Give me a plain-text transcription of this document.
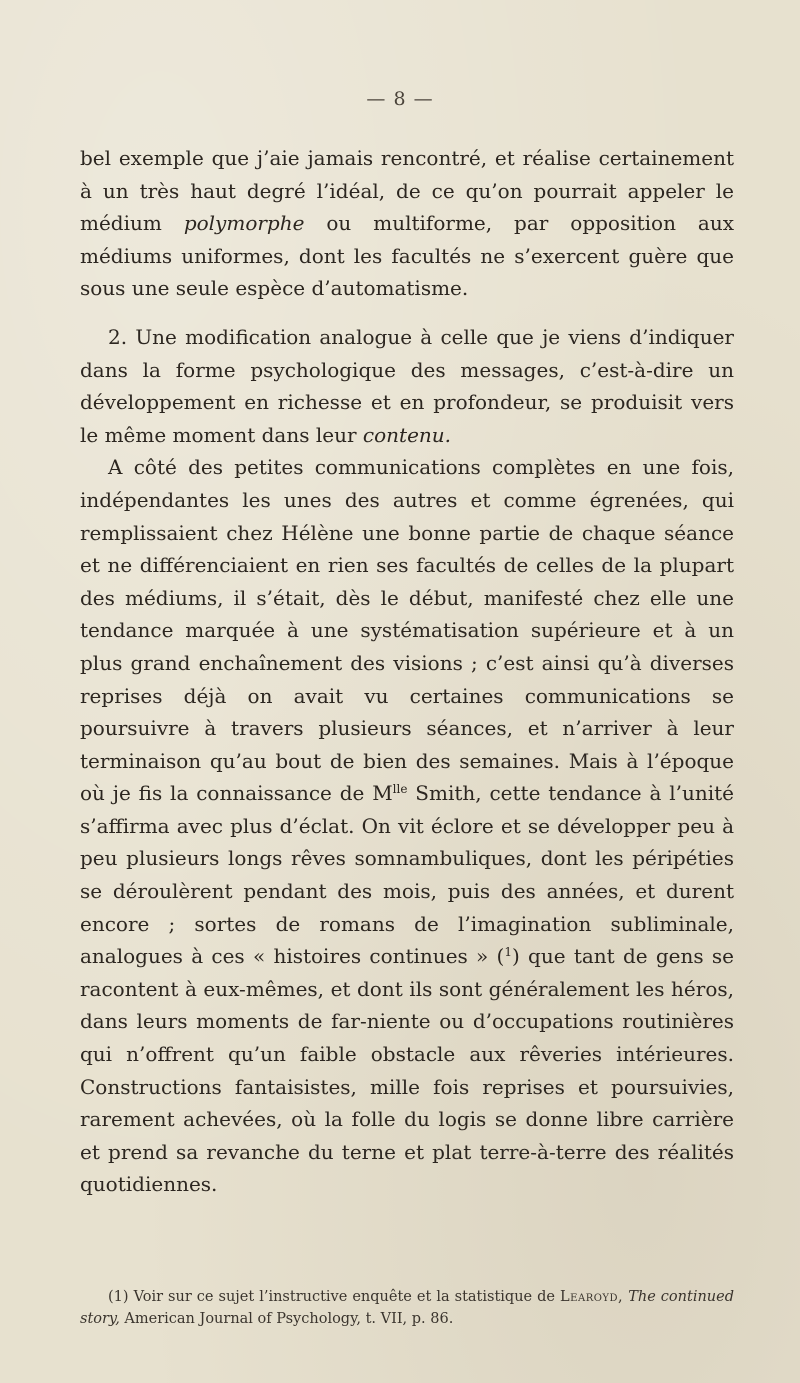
— 8 —

bel exemple que j’aie jamais rencontré, et réalise certainement à un très haut degré l’idéal, de ce qu’on pourrait appeler le médium polymorphe ou multiforme, par opposition aux médiums uniformes, dont les facultés ne s’exercent guère que sous une seule espèce d’automatisme.

2. Une modification analogue à celle que je viens d’indiquer dans la forme psychologique des messages, c’est-à-dire un développement en richesse et en profondeur, se produisit vers le même moment dans leur contenu.

A côté des petites communications complètes en une fois, indépendantes les unes des autres et comme égrenées, qui remplissaient chez Hélène une bonne partie de chaque séance et ne différenciaient en rien ses facultés de celles de la plupart des médiums, il s’était, dès le début, manifesté chez elle une tendance marquée à une systématisation supérieure et à un plus grand enchaînement des visions ; c’est ainsi qu’à diverses reprises déjà on avait vu certaines communications se poursuivre à travers plusieurs séances, et n’arriver à leur terminaison qu’au bout de bien des semaines. Mais à l’époque où je fis la connaissance de $M^{lle}$ Smith, cette tendance à l’unité s’affirma avec plus d’éclat. On vit éclore et se développer peu à peu plusieurs longs rêves somnambuliques, dont les péripéties se déroulèrent pendant des mois, puis des années, et durent encore ; sortes de romans de l’imagination subliminale, analogues à ces « histoires continues » ($^1$) que tant de gens se racontent à eux-mêmes, et dont ils sont généralement les héros, dans leurs moments de far-niente ou d’occupations routinières qui n’offrent qu’un faible obstacle aux rêveries intérieures. Constructions fantaisistes, mille fois reprises et poursuivies, rarement achevées, où la folle du logis se donne libre carrière et prend sa revanche du terne et plat terre-à-terre des réalités quotidiennes.

(1) Voir sur ce sujet l’instructive enquête et la statistique de Learoyd, The continued story, American Journal of Psychology, t. VII, p. 86.
